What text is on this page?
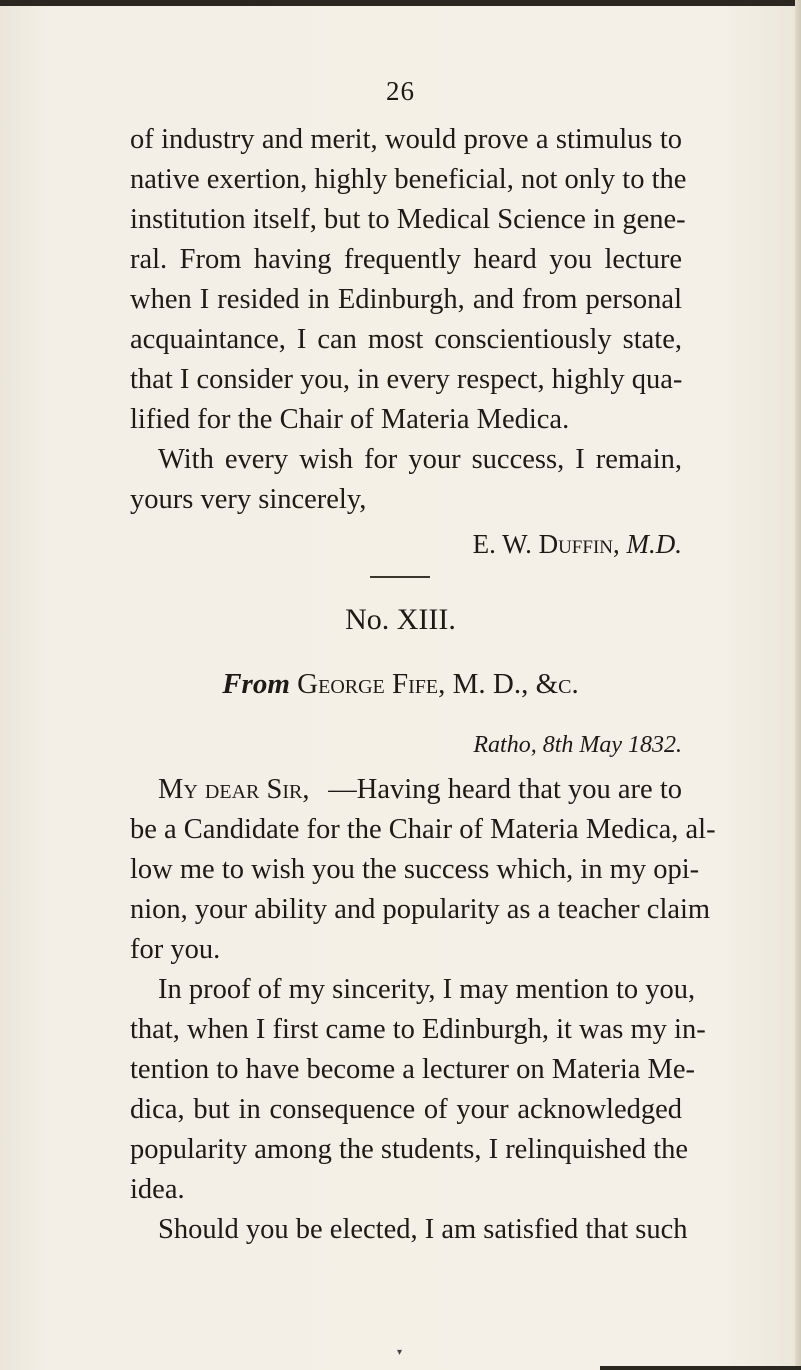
26
of industry and merit, would prove a stimulus to
native exertion, highly beneficial, not only to the
institution itself, but to Medical Science in gene-
ral. From having frequently heard you lecture
when I resided in Edinburgh, and from personal
acquaintance, I can most conscientiously state,
that I consider you, in every respect, highly qua-
lified for the Chair of Materia Medica.
With every wish for your success, I remain,
yours very sincerely,
E. W. Duffin, M.D.
No. XIII.
From George Fife, M. D., &c.
Ratho, 8th May 1832.
My dear Sir, —Having heard that you are to
be a Candidate for the Chair of Materia Medica, al-
low me to wish you the success which, in my opi-
nion, your ability and popularity as a teacher claim
for you.
In proof of my sincerity, I may mention to you,
that, when I first came to Edinburgh, it was my in-
tention to have become a lecturer on Materia Me-
dica, but in consequence of your acknowledged
popularity among the students, I relinquished the
idea.
Should you be elected, I am satisfied that such
▾
